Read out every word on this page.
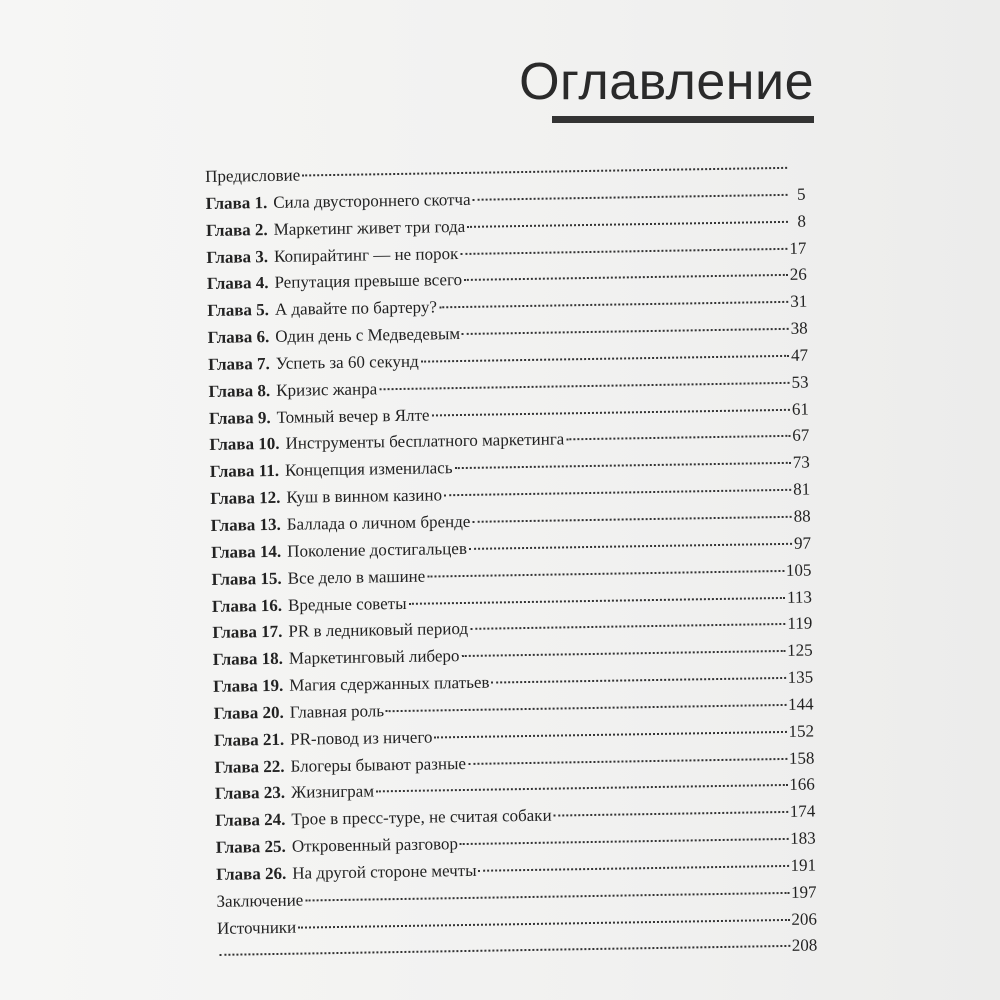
Оглавление
Предисловие
Глава 1. Сила двустороннего скотча	5
Глава 2. Маркетинг живет три года	8
Глава 3. Копирайтинг — не порок	17
Глава 4. Репутация превыше всего	26
Глава 5. А давайте по бартеру?	31
Глава 6. Один день с Медведевым	38
Глава 7. Успеть за 60 секунд	47
Глава 8. Кризис жанра	53
Глава 9. Томный вечер в Ялте	61
Глава 10. Инструменты бесплатного маркетинга	67
Глава 11. Концепция изменилась	73
Глава 12. Куш в винном казино	81
Глава 13. Баллада о личном бренде	88
Глава 14. Поколение достигальцев	97
Глава 15. Все дело в машине	105
Глава 16. Вредные советы	113
Глава 17. PR в ледниковый период	119
Глава 18. Маркетинговый либеро	125
Глава 19. Магия сдержанных платьев	135
Глава 20. Главная роль	144
Глава 21. PR-повод из ничего	152
Глава 22. Блогеры бывают разные	158
Глава 23. Жизниграм	166
Глава 24. Трое в пресс-туре, не считая собаки	174
Глава 25. Откровенный разговор	183
Глава 26. На другой стороне мечты	191
Заключение	197
Источники	206
208
